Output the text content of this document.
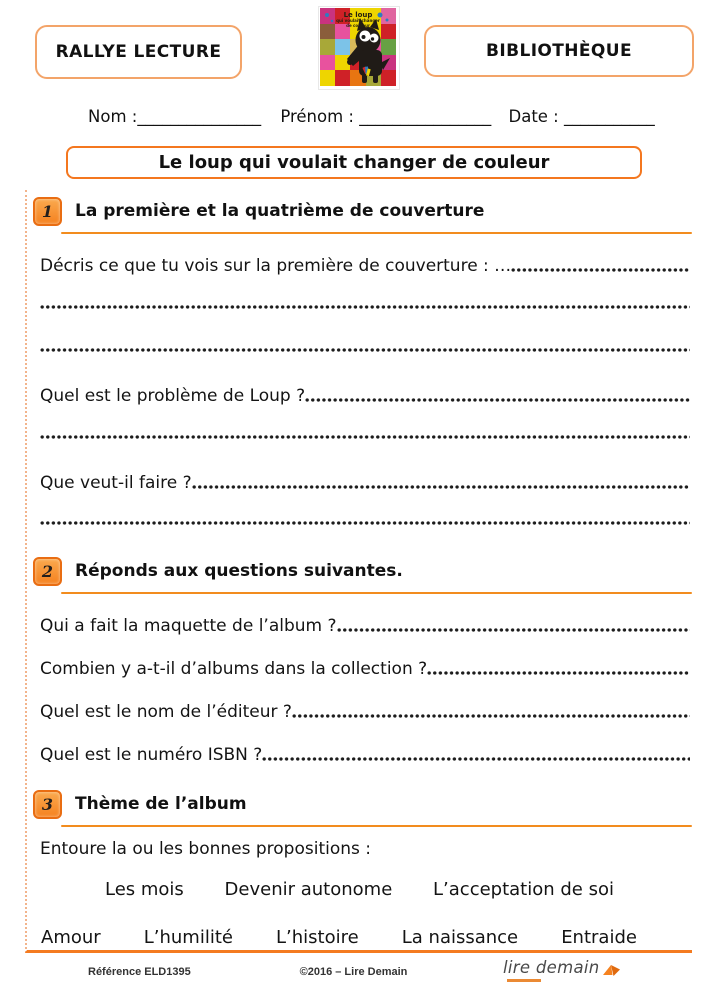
RALLYE LECTURE
Le loup
qui voulait changer
de couleur
BIBLIOTHÈQUE
Nom :_______________ Prénom : ________________ Date : ___________
Le loup qui voulait changer de couleur
1 La première et la quatrième de couverture
Décris ce que tu vois sur la première de couverture : …
Quel est le problème de Loup ?
Que veut-il faire ?
2 Réponds aux questions suivantes.
Qui a fait la maquette de l’album ?
Combien y a-t-il d’albums dans la collection ?
Quel est le nom de l’éditeur ?
Quel est le numéro ISBN ?
3 Thème de l’album
Entoure la ou les bonnes propositions :
Les mois Devenir autonome L’acceptation de soi
Amour L’humilité L’histoire La naissance Entraide
Référence ELD1395	©2016 – Lire Demain	lire demain
